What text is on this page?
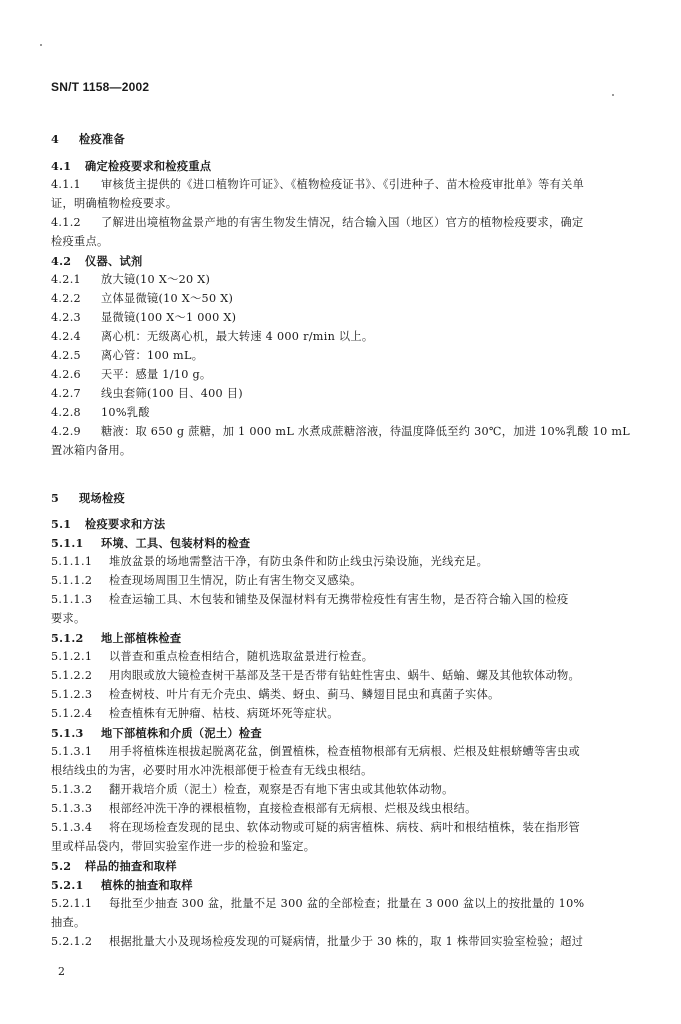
SN/T 1158—2002
4 检疫准备
4.1 确定检疫要求和检疫重点
4.1.1 审核货主提供的《进口植物许可证》、《植物检疫证书》、《引进种子、苗木检疫审批单》等有关单
证，明确植物检疫要求。
4.1.2 了解进出境植物盆景产地的有害生物发生情况，结合输入国（地区）官方的植物检疫要求，确定
检疫重点。
4.2 仪器、试剂
4.2.1 放大镜(10 X～20 X)
4.2.2 立体显微镜(10 X～50 X)
4.2.3 显微镜(100 X～1 000 X)
4.2.4 离心机：无级离心机，最大转速 4 000 r/min 以上。
4.2.5 离心管：100 mL。
4.2.6 天平：感量 1/10 g。
4.2.7 线虫套筛(100 目、400 目)
4.2.8 10%乳酸
4.2.9 糖液：取 650 g 蔗糖，加 1 000 mL 水煮成蔗糖溶液，待温度降低至约 30℃，加进 10%乳酸 10 mL
置冰箱内备用。
5 现场检疫
5.1 检疫要求和方法
5.1.1 环境、工具、包装材料的检查
5.1.1.1 堆放盆景的场地需整洁干净，有防虫条件和防止线虫污染设施，光线充足。
5.1.1.2 检查现场周围卫生情况，防止有害生物交叉感染。
5.1.1.3 检查运输工具、木包装和铺垫及保湿材料有无携带检疫性有害生物，是否符合输入国的检疫
要求。
5.1.2 地上部植株检查
5.1.2.1 以普查和重点检查相结合，随机选取盆景进行检查。
5.1.2.2 用肉眼或放大镜检查树干基部及茎干是否带有钻蛀性害虫、蜗牛、蛞蝓、螺及其他软体动物。
5.1.2.3 检查树枝、叶片有无介壳虫、螨类、蚜虫、蓟马、鳞翅目昆虫和真菌子实体。
5.1.2.4 检查植株有无肿瘤、枯枝、病斑坏死等症状。
5.1.3 地下部植株和介质（泥土）检查
5.1.3.1 用手将植株连根拔起脱离花盆，倒置植株，检查植物根部有无病根、烂根及蛀根蛴螬等害虫或
根结线虫的为害，必要时用水冲洗根部便于检查有无线虫根结。
5.1.3.2 翻开栽培介质（泥土）检查，观察是否有地下害虫或其他软体动物。
5.1.3.3 根部经冲洗干净的裸根植物，直接检查根部有无病根、烂根及线虫根结。
5.1.3.4 将在现场检查发现的昆虫、软体动物或可疑的病害植株、病枝、病叶和根结植株，装在指形管
里或样品袋内，带回实验室作进一步的检验和鉴定。
5.2 样品的抽查和取样
5.2.1 植株的抽查和取样
5.2.1.1 每批至少抽查 300 盆，批量不足 300 盆的全部检查；批量在 3 000 盆以上的按批量的 10%
抽查。
5.2.1.2 根据批量大小及现场检疫发现的可疑病情，批量少于 30 株的，取 1 株带回实验室检验；超过
2
